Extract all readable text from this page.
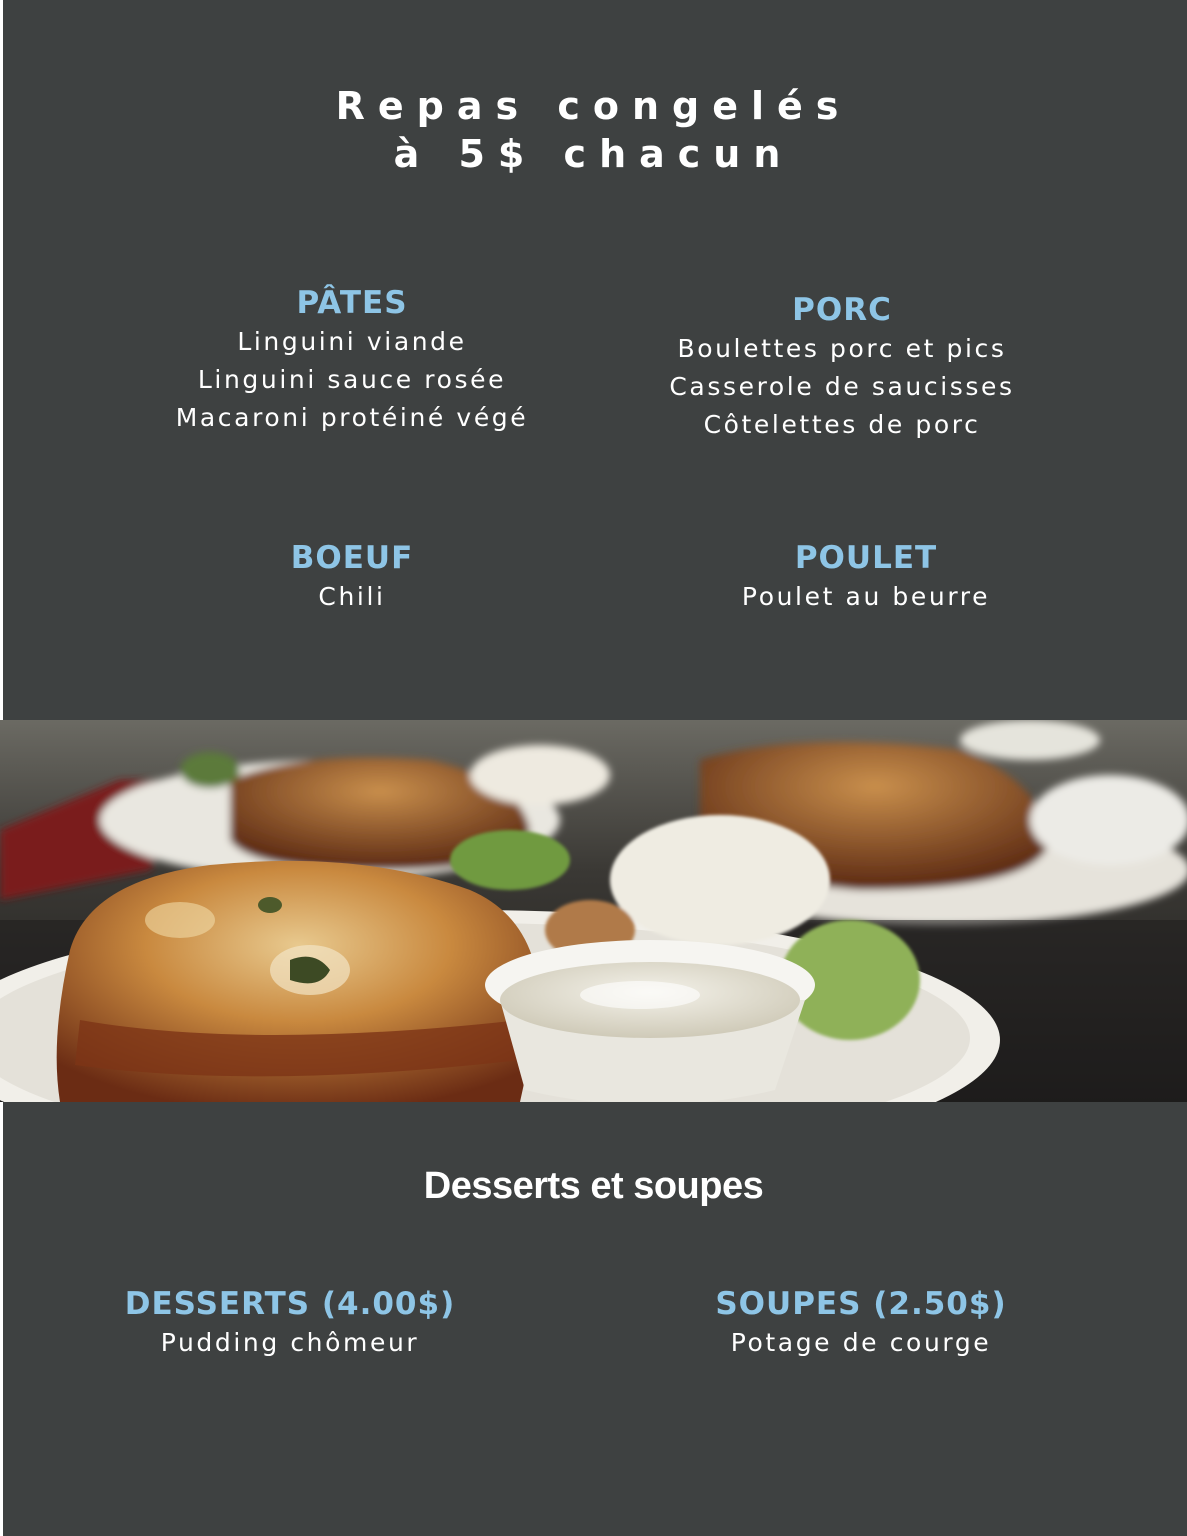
Repas congelés
à 5$ chacun
PÂTES
Linguini viande
Linguini sauce rosée
Macaroni protéiné végé
PORC
Boulettes porc et pics
Casserole de saucisses
Côtelettes de porc
BOEUF
Chili
POULET
Poulet au beurre
Desserts et soupes
DESSERTS (4.00$)
Pudding chômeur
SOUPES (2.50$)
Potage de courge
